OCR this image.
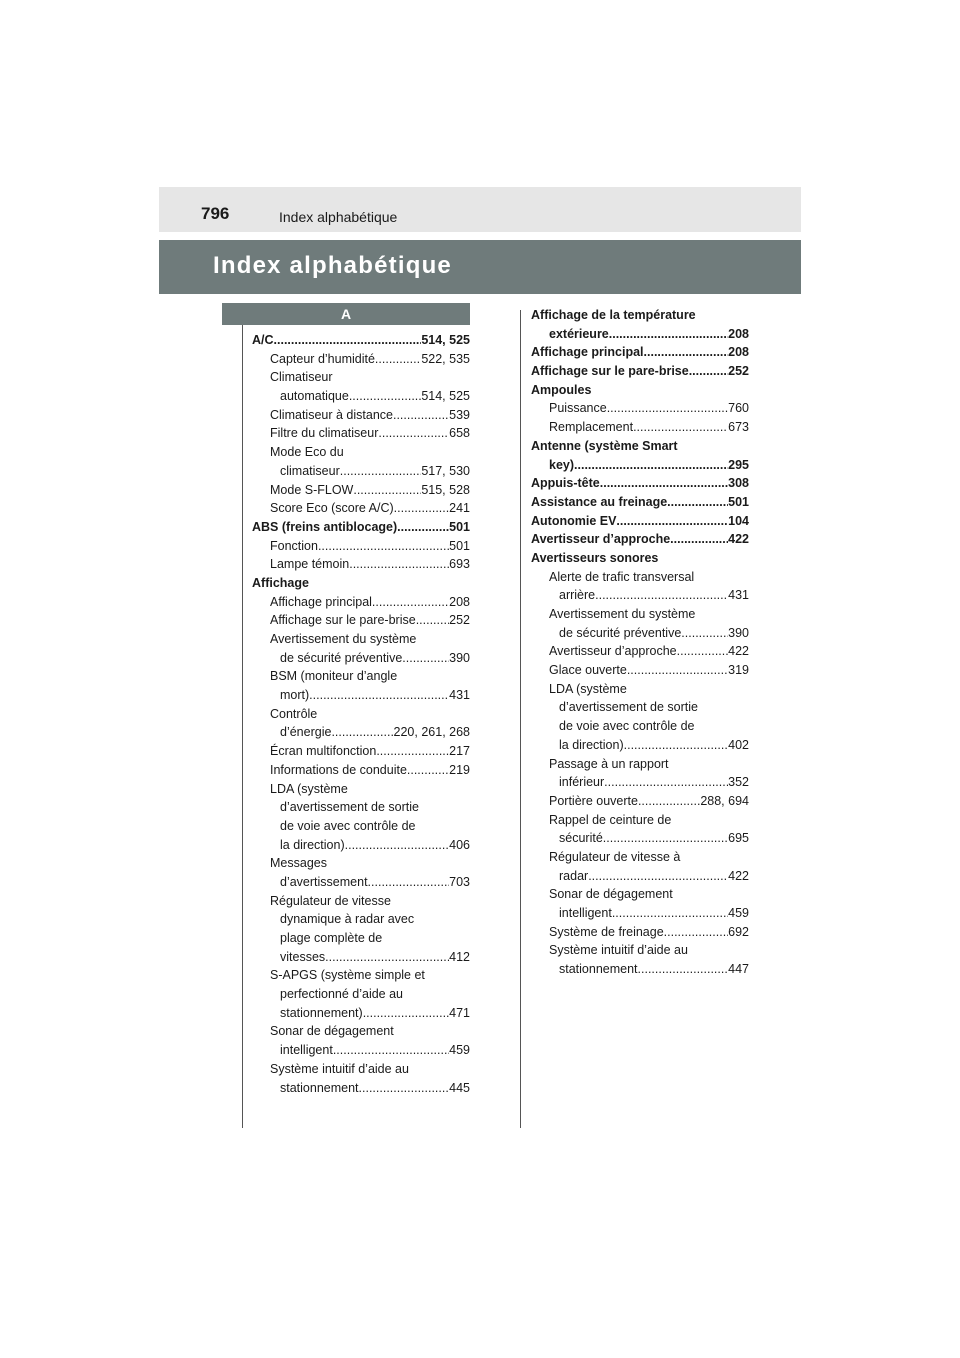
796	Index alphabétique
Index alphabétique
A
A/C .....	514, 525
Capteur d’humidité .....	522, 535
Climatiseur
automatique .....	514, 525
Climatiseur à distance .....	539
Filtre du climatiseur .....	658
Mode Eco du
climatiseur .....	517, 530
Mode S-FLOW .....	515, 528
Score Eco (score A/C) .....	241
ABS (freins antiblocage) .....	501
Fonction .....	501
Lampe témoin .....	693
Affichage
Affichage principal .....	208
Affichage sur le pare-brise .....	252
Avertissement du système
de sécurité préventive .....	390
BSM (moniteur d’angle
mort) .....	431
Contrôle
d’énergie .....	220, 261, 268
Écran multifonction .....	217
Informations de conduite .....	219
LDA (système
d’avertissement de sortie
de voie avec contrôle de
la direction) .....	406
Messages
d’avertissement .....	703
Régulateur de vitesse
dynamique à radar avec
plage complète de
vitesses .....	412
S-APGS (système simple et
perfectionné d’aide au
stationnement) .....	471
Sonar de dégagement
intelligent .....	459
Système intuitif d’aide au
stationnement .....	445
Affichage de la température
extérieure .....	208
Affichage principal .....	208
Affichage sur le pare-brise .....	252
Ampoules
Puissance .....	760
Remplacement .....	673
Antenne (système Smart
key) .....	295
Appuis-tête .....	308
Assistance au freinage .....	501
Autonomie EV .....	104
Avertisseur d’approche .....	422
Avertisseurs sonores
Alerte de trafic transversal
arrière .....	431
Avertissement du système
de sécurité préventive .....	390
Avertisseur d’approche .....	422
Glace ouverte .....	319
LDA (système
d’avertissement de sortie
de voie avec contrôle de
la direction) .....	402
Passage à un rapport
inférieur .....	352
Portière ouverte .....	288, 694
Rappel de ceinture de
sécurité .....	695
Régulateur de vitesse à
radar .....	422
Sonar de dégagement
intelligent .....	459
Système de freinage .....	692
Système intuitif d’aide au
stationnement .....	447
